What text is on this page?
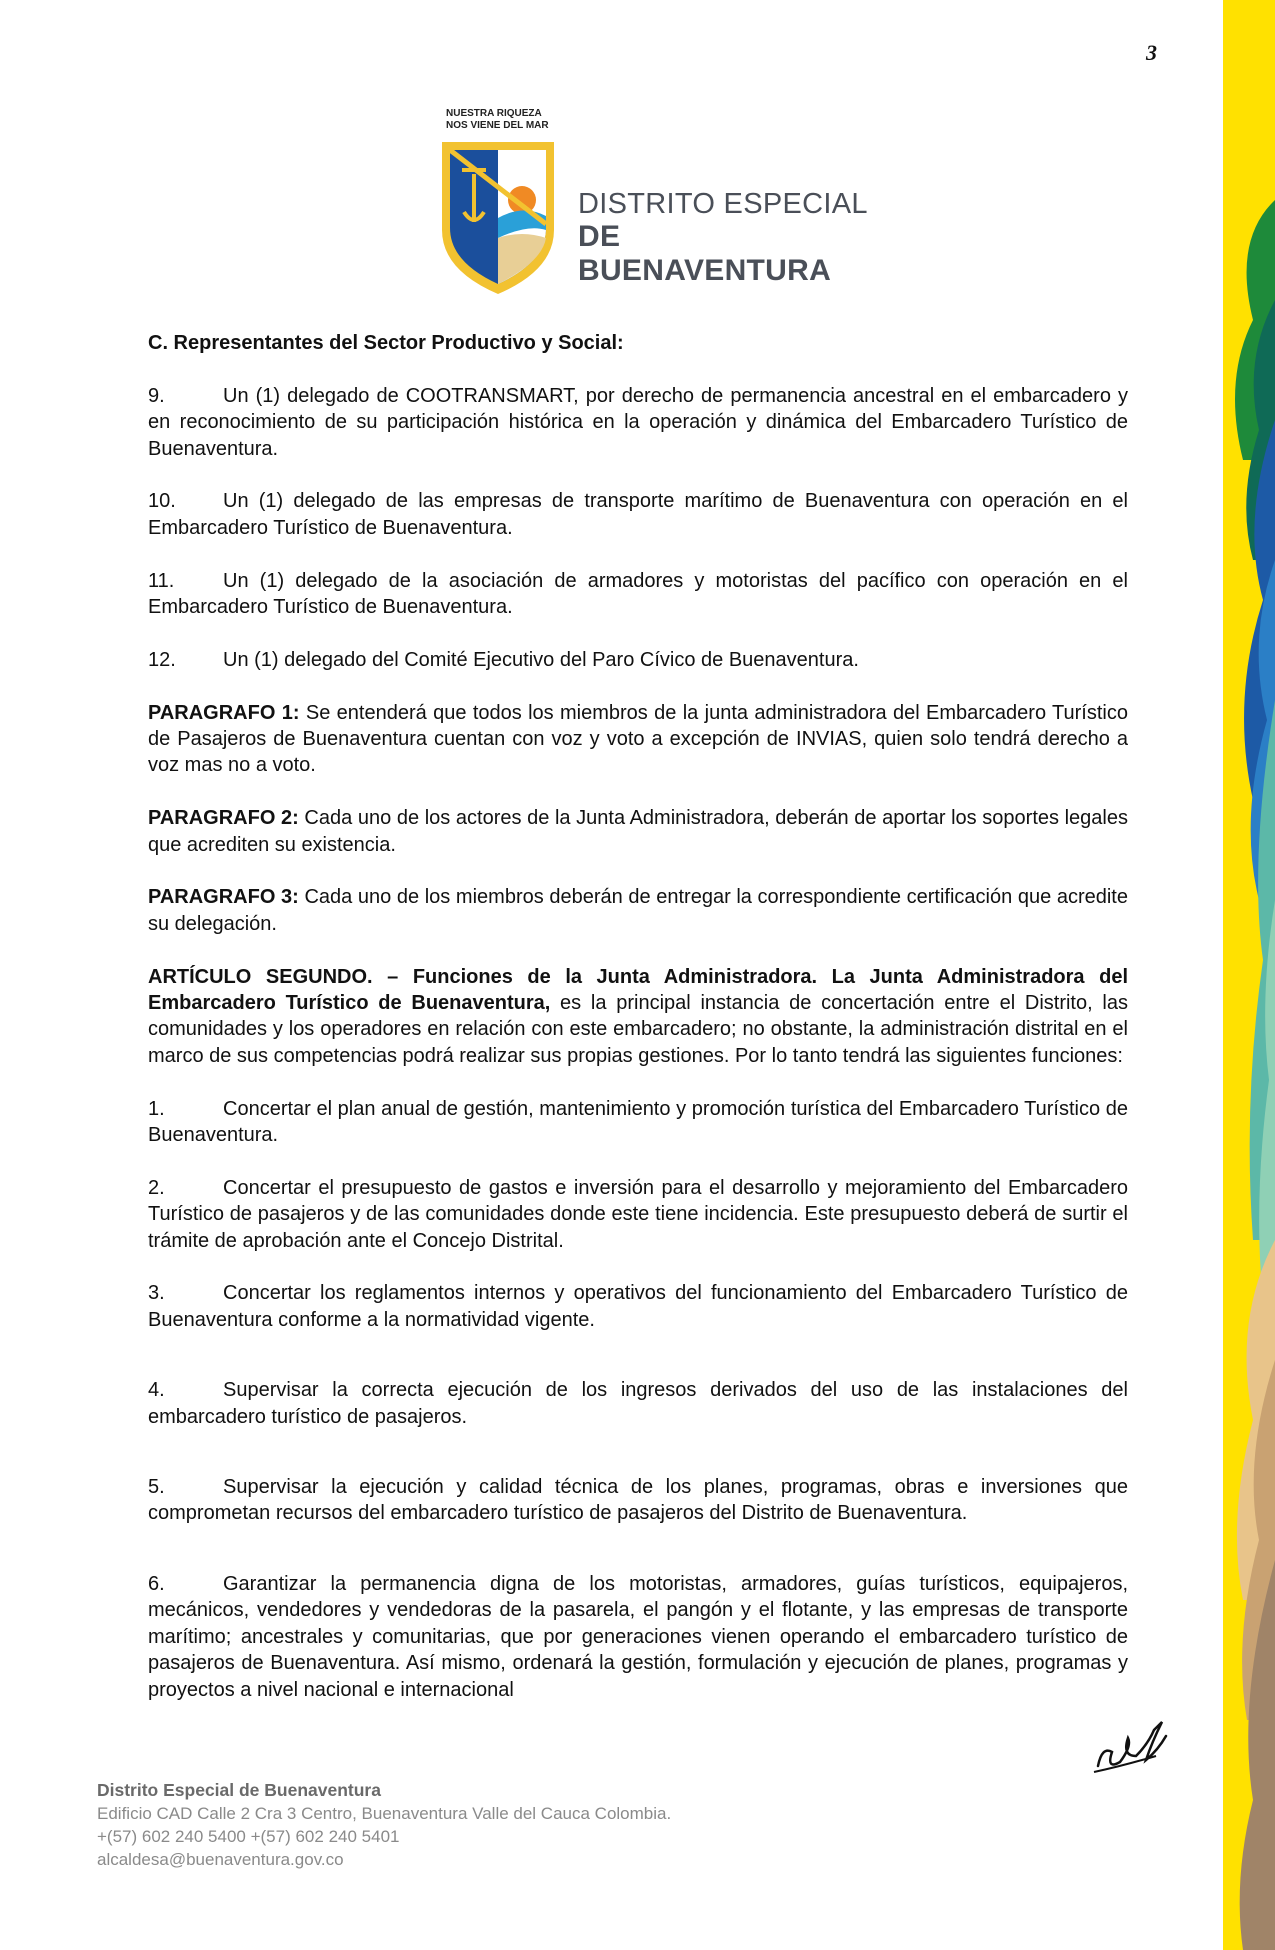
3
NUESTRA RIQUEZA
NOS VIENE DEL MAR
DISTRITO ESPECIAL
DE BUENAVENTURA

C. Representantes del Sector Productivo y Social:

9.	Un (1) delegado de COOTRANSMART, por derecho de permanencia ancestral en el embarcadero y en reconocimiento de su participación histórica en la operación y dinámica del Embarcadero Turístico de Buenaventura.

10. Un (1) delegado de las empresas de transporte marítimo de Buenaventura con operación en el Embarcadero Turístico de Buenaventura.

11. Un (1) delegado de la asociación de armadores y motoristas del pacífico con operación en el Embarcadero Turístico de Buenaventura.

12. Un (1) delegado del Comité Ejecutivo del Paro Cívico de Buenaventura.

PARAGRAFO 1: Se entenderá que todos los miembros de la junta administradora del Embarcadero Turístico de Pasajeros de Buenaventura cuentan con voz y voto a excepción de INVIAS, quien solo tendrá derecho a voz mas no a voto.

PARAGRAFO 2: Cada uno de los actores de la Junta Administradora, deberán de aportar los soportes legales que acrediten su existencia.

PARAGRAFO 3: Cada uno de los miembros deberán de entregar la correspondiente certificación que acredite su delegación.

ARTÍCULO SEGUNDO. – Funciones de la Junta Administradora. La Junta Administradora del Embarcadero Turístico de Buenaventura, es la principal instancia de concertación entre el Distrito, las comunidades y los operadores en relación con este embarcadero; no obstante, la administración distrital en el marco de sus competencias podrá realizar sus propias gestiones. Por lo tanto tendrá las siguientes funciones:

1.	Concertar el plan anual de gestión, mantenimiento y promoción turística del Embarcadero Turístico de Buenaventura.

2.	Concertar el presupuesto de gastos e inversión para el desarrollo y mejoramiento del Embarcadero Turístico de pasajeros y de las comunidades donde este tiene incidencia. Este presupuesto deberá de surtir el trámite de aprobación ante el Concejo Distrital.

3.	Concertar los reglamentos internos y operativos del funcionamiento del Embarcadero Turístico de Buenaventura conforme a la normatividad vigente.

4.	Supervisar la correcta ejecución de los ingresos derivados del uso de las instalaciones del embarcadero turístico de pasajeros.

5.	Supervisar la ejecución y calidad técnica de los planes, programas, obras e inversiones que comprometan recursos del embarcadero turístico de pasajeros del Distrito de Buenaventura.

6.	Garantizar la permanencia digna de los motoristas, armadores, guías turísticos, equipajeros, mecánicos, vendedores y vendedoras de la pasarela, el pangón y el flotante, y las empresas de transporte marítimo; ancestrales y comunitarias, que por generaciones vienen operando el embarcadero turístico de pasajeros de Buenaventura. Así mismo, ordenará la gestión, formulación y ejecución de planes, programas y proyectos a nivel nacional e internacional

Distrito Especial de Buenaventura
Edificio CAD Calle 2 Cra 3 Centro, Buenaventura Valle del Cauca Colombia.
+(57) 602 240 5400 +(57) 602 240 5401
alcaldesa@buenaventura.gov.co
